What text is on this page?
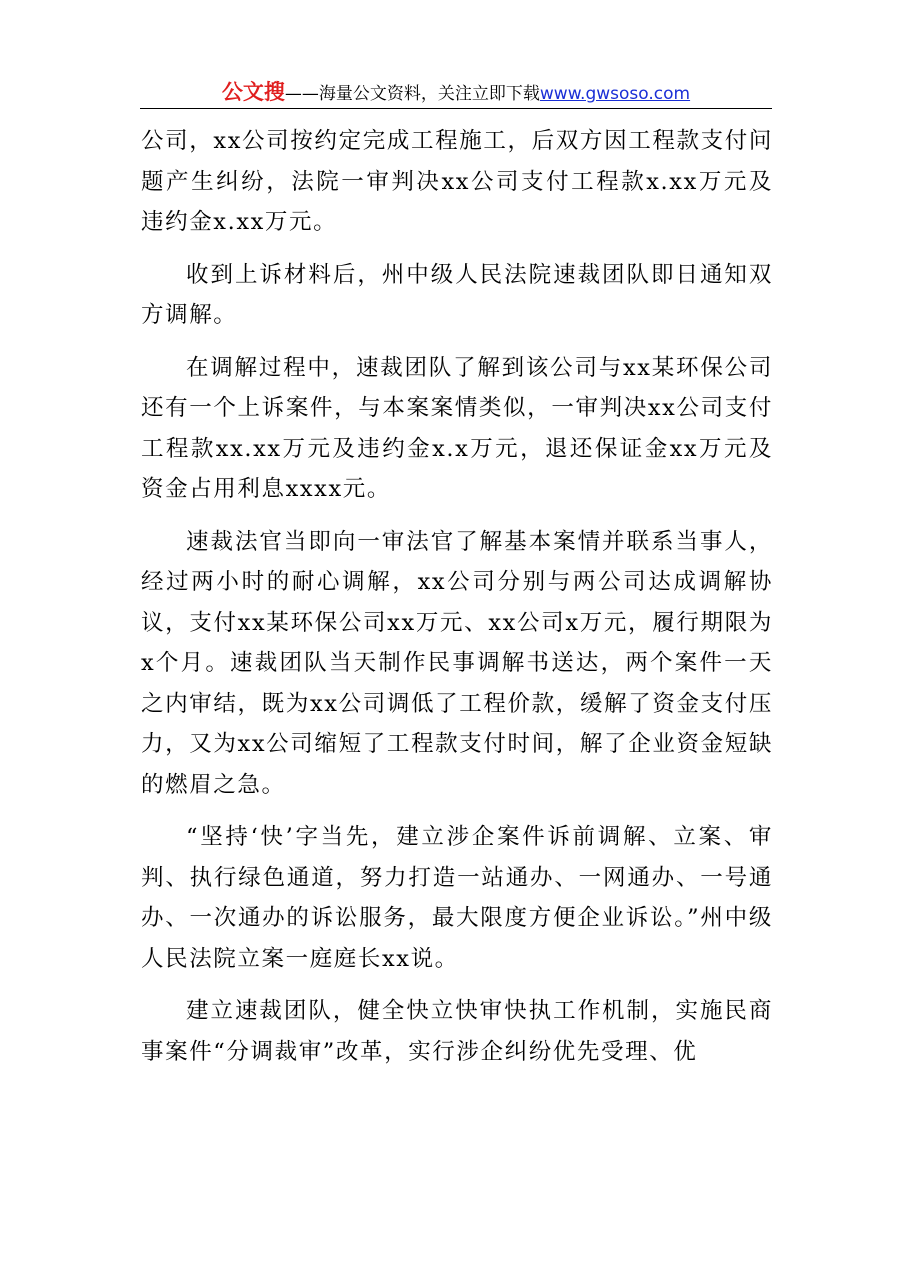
公文搜——海量公文资料，关注立即下载www.gwsoso.com

公司，xx公司按约定完成工程施工，后双方因工程款支付问题产生纠纷，法院一审判决xx公司支付工程款x.xx万元及违约金x.xx万元。

收到上诉材料后，州中级人民法院速裁团队即日通知双方调解。

在调解过程中，速裁团队了解到该公司与xx某环保公司还有一个上诉案件，与本案案情类似，一审判决xx公司支付工程款xx.xx万元及违约金x.x万元，退还保证金xx万元及资金占用利息xxxx元。

速裁法官当即向一审法官了解基本案情并联系当事人，经过两小时的耐心调解，xx公司分别与两公司达成调解协议，支付xx某环保公司xx万元、xx公司x万元，履行期限为x个月。速裁团队当天制作民事调解书送达，两个案件一天之内审结，既为xx公司调低了工程价款，缓解了资金支付压力，又为xx公司缩短了工程款支付时间，解了企业资金短缺的燃眉之急。

“坚持‘快’字当先，建立涉企案件诉前调解、立案、审判、执行绿色通道，努力打造一站通办、一网通办、一号通办、一次通办的诉讼服务，最大限度方便企业诉讼。”州中级人民法院立案一庭庭长xx说。

建立速裁团队，健全快立快审快执工作机制，实施民商事案件“分调裁审”改革，实行涉企纠纷优先受理、优
